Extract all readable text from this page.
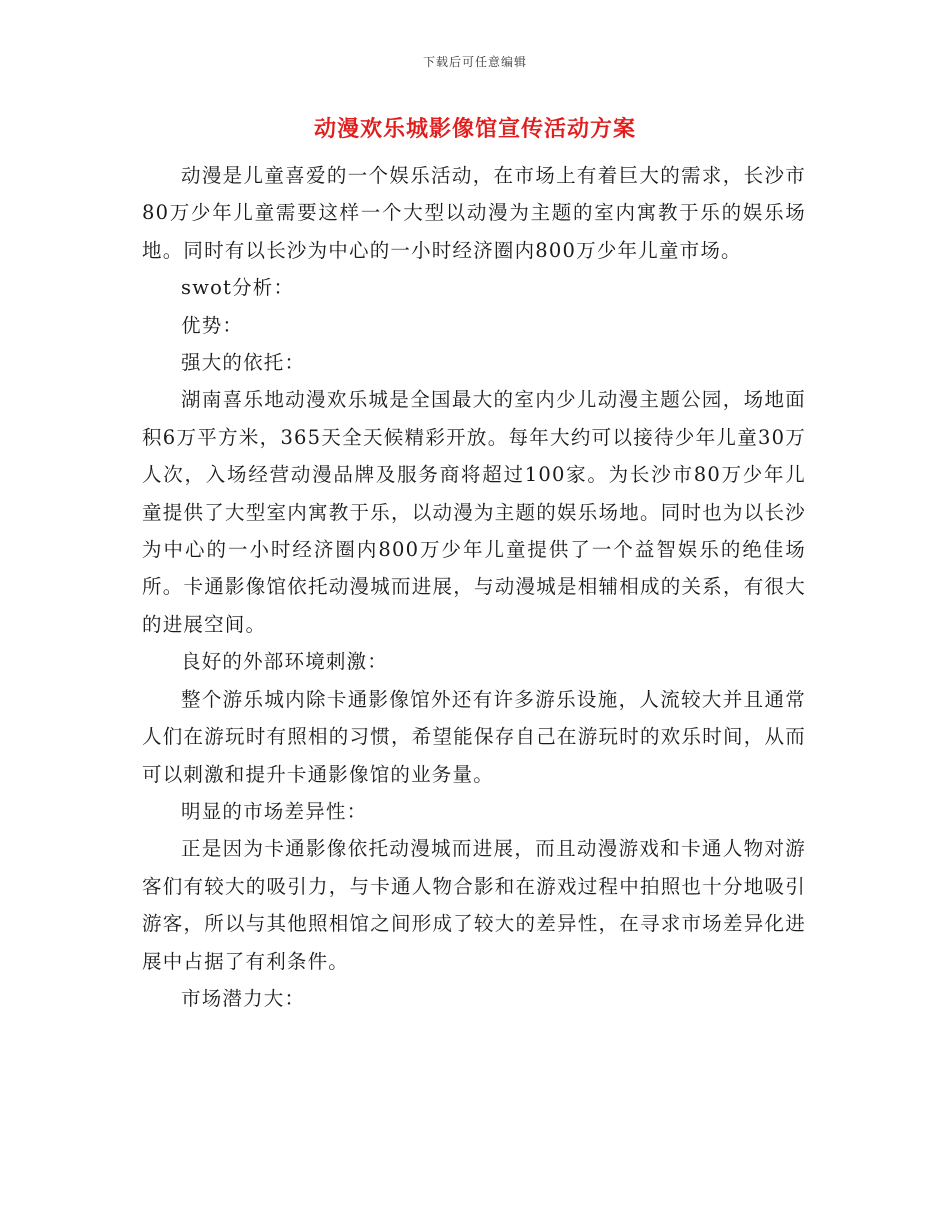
下载后可任意编辑
动漫欢乐城影像馆宣传活动方案

动漫是儿童喜爱的一个娱乐活动，在市场上有着巨大的需求，长沙市80万少年儿童需要这样一个大型以动漫为主题的室内寓教于乐的娱乐场地。同时有以长沙为中心的一小时经济圈内800万少年儿童市场。

swot分析：

优势：

强大的依托：

湖南喜乐地动漫欢乐城是全国最大的室内少儿动漫主题公园，场地面积6万平方米，365天全天候精彩开放。每年大约可以接待少年儿童30万人次，入场经营动漫品牌及服务商将超过100家。为长沙市80万少年儿童提供了大型室内寓教于乐，以动漫为主题的娱乐场地。同时也为以长沙为中心的一小时经济圈内800万少年儿童提供了一个益智娱乐的绝佳场所。卡通影像馆依托动漫城而进展，与动漫城是相辅相成的关系，有很大的进展空间。

良好的外部环境刺激：

整个游乐城内除卡通影像馆外还有许多游乐设施，人流较大并且通常人们在游玩时有照相的习惯，希望能保存自己在游玩时的欢乐时间，从而可以刺激和提升卡通影像馆的业务量。

明显的市场差异性：

正是因为卡通影像依托动漫城而进展，而且动漫游戏和卡通人物对游客们有较大的吸引力，与卡通人物合影和在游戏过程中拍照也十分地吸引游客，所以与其他照相馆之间形成了较大的差异性，在寻求市场差异化进展中占据了有利条件。

市场潜力大：
